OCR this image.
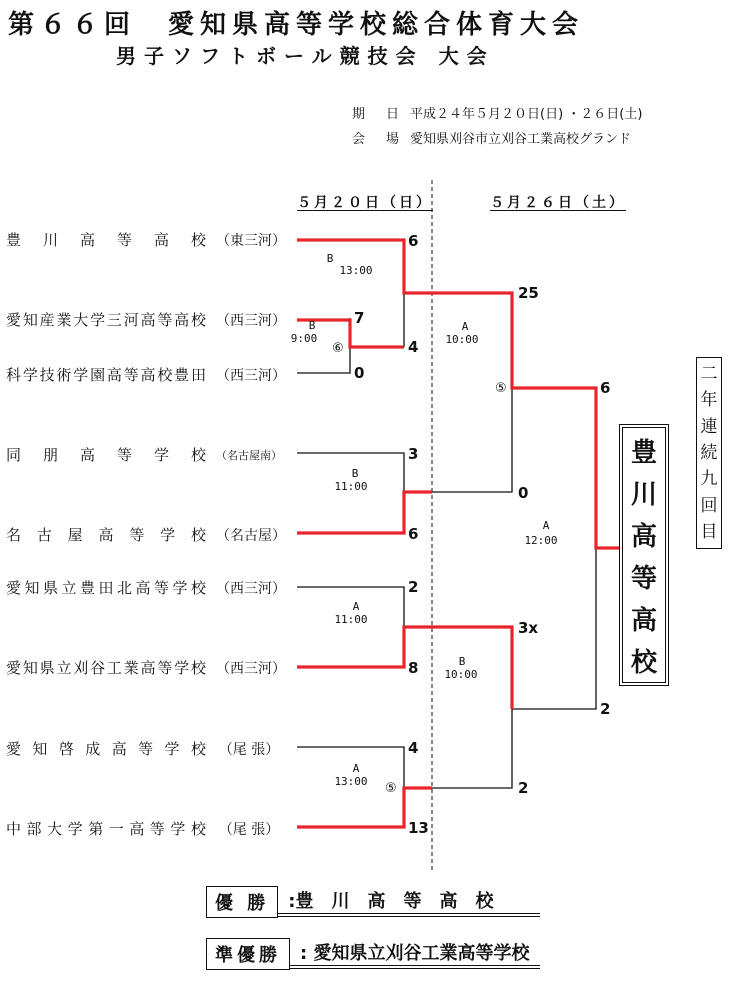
第６６回　愛知県高等学校総合体育大会
男子ソフトボール競技会 大会
期　日 平成２４年５月２０日(日) ・２６日(土)
会　場 愛知県刈谷市立刈谷工業高校グランド
５月２０日（日）	５月２６日（土）
豊川高等高校 （東三河）
愛知産業大学三河高等高校 （西三河）
科学技術学園高等高校豊田 （西三河）
同朋高等学校 （名古屋南）
名古屋高等学校 （名古屋）
愛知県立豊田北高等学校 （西三河）
愛知県立刈谷工業高等学校 （西三河）
愛知啓成高等学校 （尾 張）
中部大学第一高等学校 （尾 張）
6
7
0
4
3
6
2
8
4
13
25
0
3x
2
6
2
B
13:00
B
9:00
⑥
A
10:00
⑤
B
11:00
A
12:00
A
11:00
B
10:00
A
13:00 ⑤
豊
川
高
等
高
校
二
年
連
続
九
回
目
優 勝	:豊　川　高　等　高　校
準優勝	: 愛知県立刈谷工業高等学校
